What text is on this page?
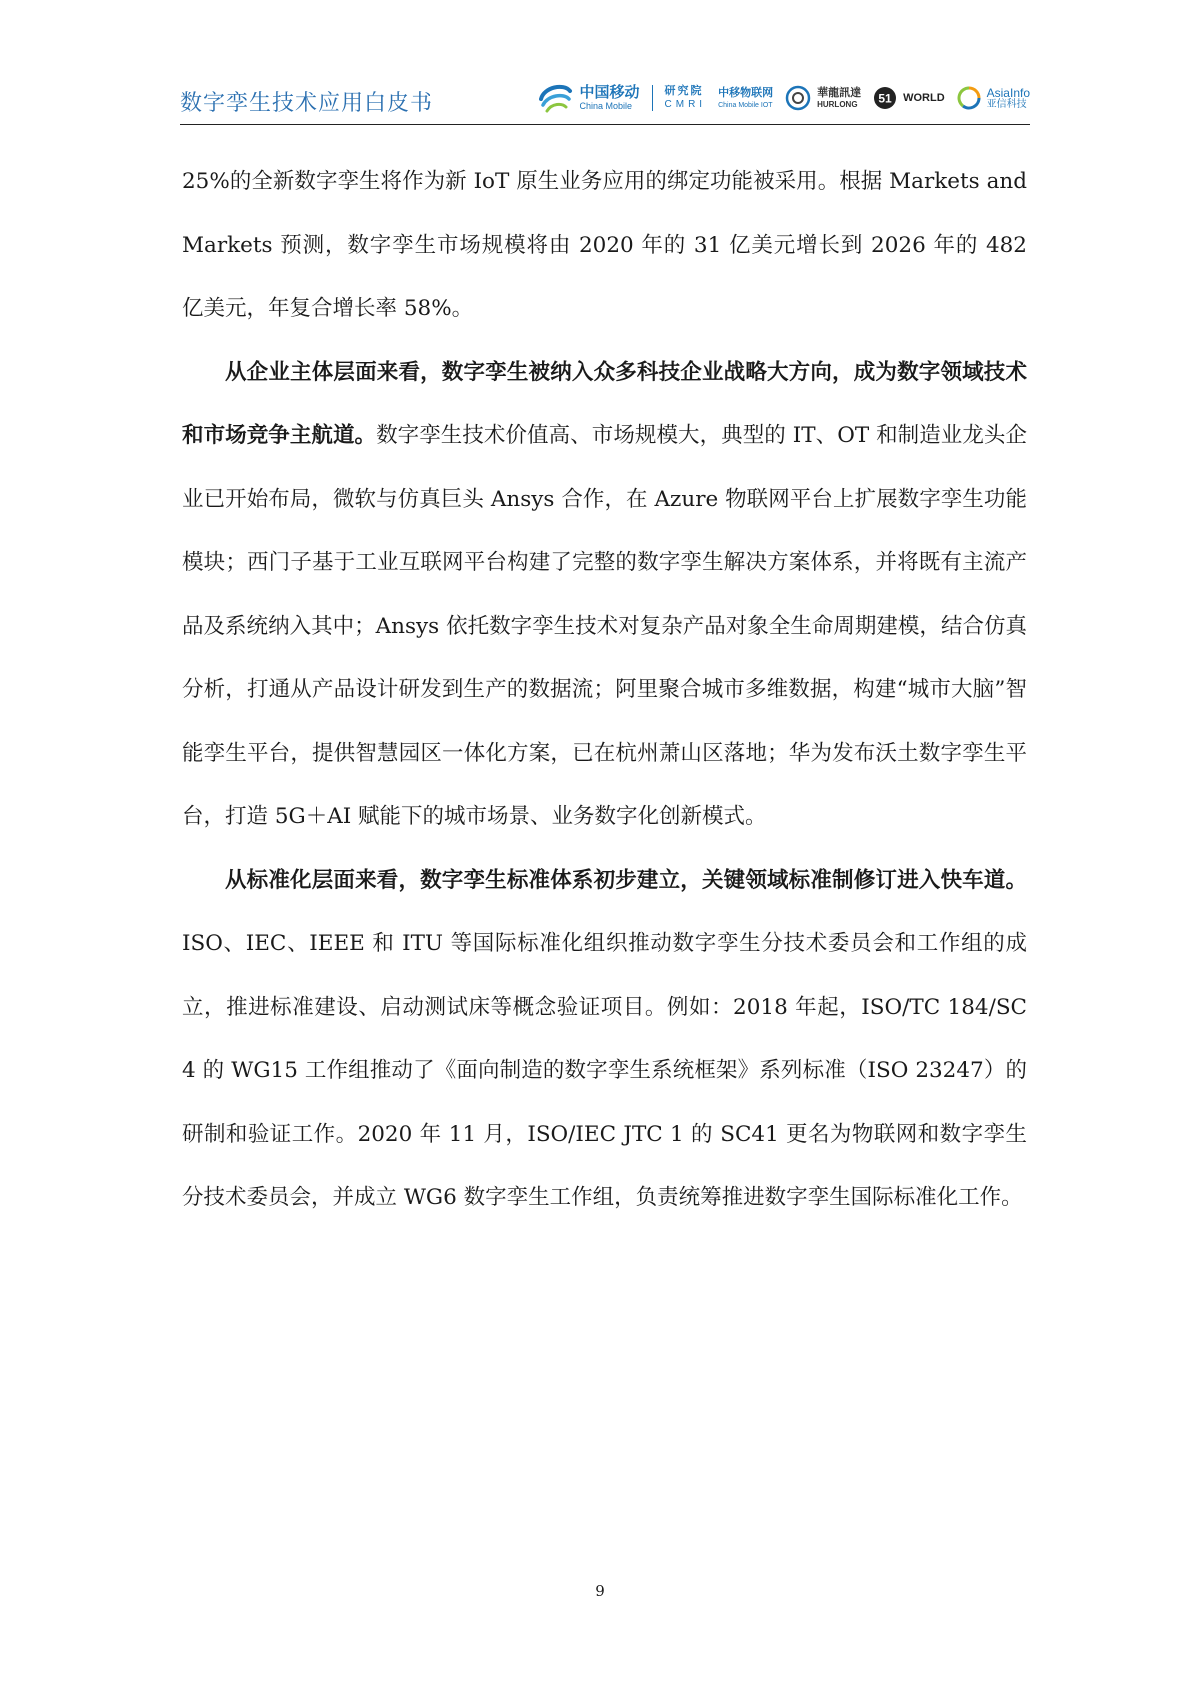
数字孪生技术应用白皮书	中国移动
China Mobile
研究院
CMRI
中移物联网
China Mobile IOT
華龍訊達
HURLONG 51 WORLD	AsiaInfo
亚信科技

25%的全新数字孪生将作为新 IoT 原生业务应用的绑定功能被采用。根据 Markets and Markets 预测，数字孪生市场规模将由 2020 年的 31 亿美元增长到 2026 年的 482 亿美元，年复合增长率 58%。

从企业主体层面来看，数字孪生被纳入众多科技企业战略大方向，成为数字领域技术和市场竞争主航道。数字孪生技术价值高、市场规模大，典型的 IT、OT 和制造业龙头企业已开始布局，微软与仿真巨头 Ansys 合作，在 Azure 物联网平台上扩展数字孪生功能模块；西门子基于工业互联网平台构建了完整的数字孪生解决方案体系，并将既有主流产品及系统纳入其中；Ansys 依托数字孪生技术对复杂产品对象全生命周期建模，结合仿真分析，打通从产品设计研发到生产的数据流；阿里聚合城市多维数据，构建“城市大脑”智能孪生平台，提供智慧园区一体化方案，已在杭州萧山区落地；华为发布沃土数字孪生平台，打造 5G＋AI 赋能下的城市场景、业务数字化创新模式。

从标准化层面来看，数字孪生标准体系初步建立，关键领域标准制修订进入快车道。ISO、IEC、IEEE 和 ITU 等国际标准化组织推动数字孪生分技术委员会和工作组的成立，推进标准建设、启动测试床等概念验证项目。例如：2018 年起，ISO/TC 184/SC 4 的 WG15 工作组推动了《面向制造的数字孪生系统框架》系列标准（ISO 23247）的研制和验证工作。2020 年 11 月，ISO/IEC JTC 1 的 SC41 更名为物联网和数字孪生分技术委员会，并成立 WG6 数字孪生工作组，负责统筹推进数字孪生国际标准化工作。

9
